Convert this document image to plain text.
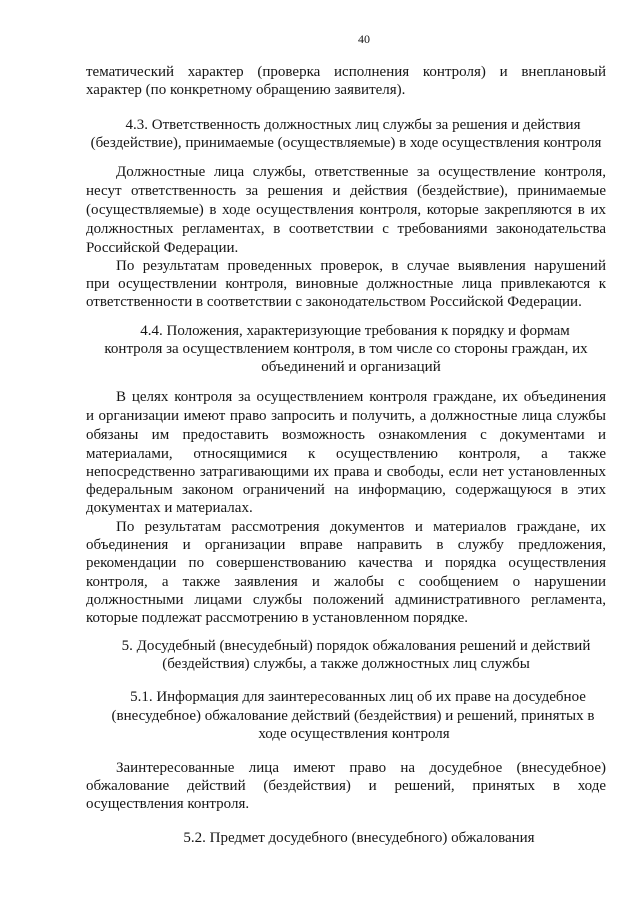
40
тематический характер (проверка исполнения контроля) и внеплановый
характер (по конкретному обращению заявителя).
4.3. Ответственность должностных лиц службы за решения и действия
(бездействие), принимаемые (осуществляемые) в ходе осуществления контроля
Должностные лица службы, ответственные за осуществление контроля,
несут ответственность за решения и действия (бездействие), принимаемые
(осуществляемые) в ходе осуществления контроля, которые закрепляются в их
должностных регламентах, в соответствии с требованиями законодательства
Российской Федерации.
По результатам проведенных проверок, в случае выявления нарушений
при осуществлении контроля, виновные должностные лица привлекаются к
ответственности в соответствии с законодательством Российской Федерации.
4.4. Положения, характеризующие требования к порядку и формам
контроля за осуществлением контроля, в том числе со стороны граждан, их
объединений и организаций
В целях контроля за осуществлением контроля граждане, их объединения
и организации имеют право запросить и получить, а должностные лица службы
обязаны им предоставить возможность ознакомления с документами и
материалами, относящимися к осуществлению контроля, а также
непосредственно затрагивающими их права и свободы, если нет установленных
федеральным законом ограничений на информацию, содержащуюся в этих
документах и материалах.
По результатам рассмотрения документов и материалов граждане, их
объединения и организации вправе направить в службу предложения,
рекомендации по совершенствованию качества и порядка осуществления
контроля, а также заявления и жалобы с сообщением о нарушении
должностными лицами службы положений административного регламента,
которые подлежат рассмотрению в установленном порядке.
5. Досудебный (внесудебный) порядок обжалования решений и действий
(бездействия) службы, а также должностных лиц службы
5.1. Информация для заинтересованных лиц об их праве на досудебное
(внесудебное) обжалование действий (бездействия) и решений, принятых в
ходе осуществления контроля
Заинтересованные лица имеют право на досудебное (внесудебное)
обжалование действий (бездействия) и решений, принятых в ходе
осуществления контроля.
5.2. Предмет досудебного (внесудебного) обжалования
